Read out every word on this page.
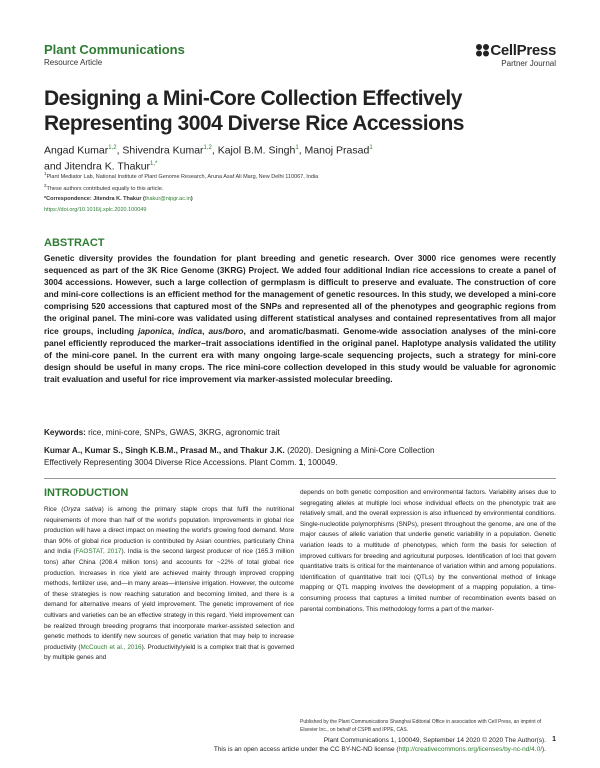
Plant Communications
Resource Article
CellPress
Partner Journal
Designing a Mini-Core Collection Effectively Representing 3004 Diverse Rice Accessions
Angad Kumar$^{1,2}$, Shivendra Kumar$^{1,2}$, Kajol B.M. Singh$^1$, Manoj Prasad$^1$
and Jitendra K. Thakur$^{1,*}$
$^1$Plant Mediator Lab, National Institute of Plant Genome Research, Aruna Asaf Ali Marg, New Delhi 110067, India
$^2$These authors contributed equally to this article.
*Correspondence: Jitendra K. Thakur (thakur@nipgr.ac.in)
https://doi.org/10.1016/j.xplc.2020.100049
ABSTRACT

Genetic diversity provides the foundation for plant breeding and genetic research. Over 3000 rice genomes were recently sequenced as part of the 3K Rice Genome (3KRG) Project. We added four additional Indian rice accessions to create a panel of 3004 accessions. However, such a large collection of germplasm is difficult to preserve and evaluate. The construction of core and mini-core collections is an efficient method for the management of genetic resources. In this study, we developed a mini-core comprising 520 accessions that captured most of the SNPs and represented all of the phenotypes and geographic regions from the original panel. The mini-core was validated using different statistical analyses and contained representatives from all major rice groups, including japonica, indica, aus/boro, and aromatic/basmati. Genome-wide association analyses of the mini-core panel efficiently reproduced the marker–trait associations identified in the original panel. Haplotype analysis validated the utility of the mini-core panel. In the current era with many ongoing large-scale sequencing projects, such a strategy for mini-core design should be useful in many crops. The rice mini-core collection developed in this study would be valuable for agronomic trait evaluation and useful for rice improvement via marker-assisted molecular breeding.

Keywords: rice, mini-core, SNPs, GWAS, 3KRG, agronomic trait
Kumar A., Kumar S., Singh K.B.M., Prasad M., and Thakur J.K. (2020). Designing a Mini-Core Collection Effectively Representing 3004 Diverse Rice Accessions. Plant Comm. 1, 100049.
INTRODUCTION

Rice (Oryza sativa) is among the primary staple crops that fulfil the nutritional requirements of more than half of the world's population. Improvements in global rice production will have a direct impact on meeting the world's growing food demand. More than 90% of global rice production is contributed by Asian countries, particularly China and India (FAOSTAT, 2017). India is the second largest producer of rice (165.3 million tons) after China (208.4 million tons) and accounts for ~22% of total global rice production. Increases in rice yield are achieved mainly through improved cropping methods, fertilizer use, and—in many areas—intensive irrigation. However, the outcome of these strategies is now reaching saturation and becoming limited, and there is a demand for alternative means of yield improvement. The genetic improvement of rice cultivars and varieties can be an effective strategy in this regard. Yield improvement can be realized through breeding programs that incorporate marker-assisted selection and genetic methods to identify new sources of genetic variation that may help to increase productivity (McCouch et al., 2016). Productivity/yield is a complex trait that is governed by multiple genes and

depends on both genetic composition and environmental factors. Variability arises due to segregating alleles at multiple loci whose individual effects on the phenotypic trait are relatively small, and the overall expression is also influenced by environmental conditions. Single-nucleotide polymorphisms (SNPs), present throughout the genome, are one of the major causes of allelic variation that underlie genetic variability in a population. Genetic variation leads to a multitude of phenotypes, which form the basis for selection of improved cultivars for breeding and agricultural purposes. Identification of loci that govern quantitative traits is critical for the maintenance of variation within and among populations. Identification of quantitative trait loci (QTLs) by the conventional method of linkage mapping or QTL mapping involves the development of a mapping population, a time-consuming process that captures a limited number of recombination events based on parental combinations. This methodology forms a part of the marker-

Published by the Plant Communications Shanghai Editorial Office in association with Cell Press, an imprint of Elsevier Inc., on behalf of CSPB and IPPE, CAS.
Plant Communications 1, 100049, September 14 2020 © 2020 The Author(s). 1
This is an open access article under the CC BY-NC-ND license (http://creativecommons.org/licenses/by-nc-nd/4.0/).
